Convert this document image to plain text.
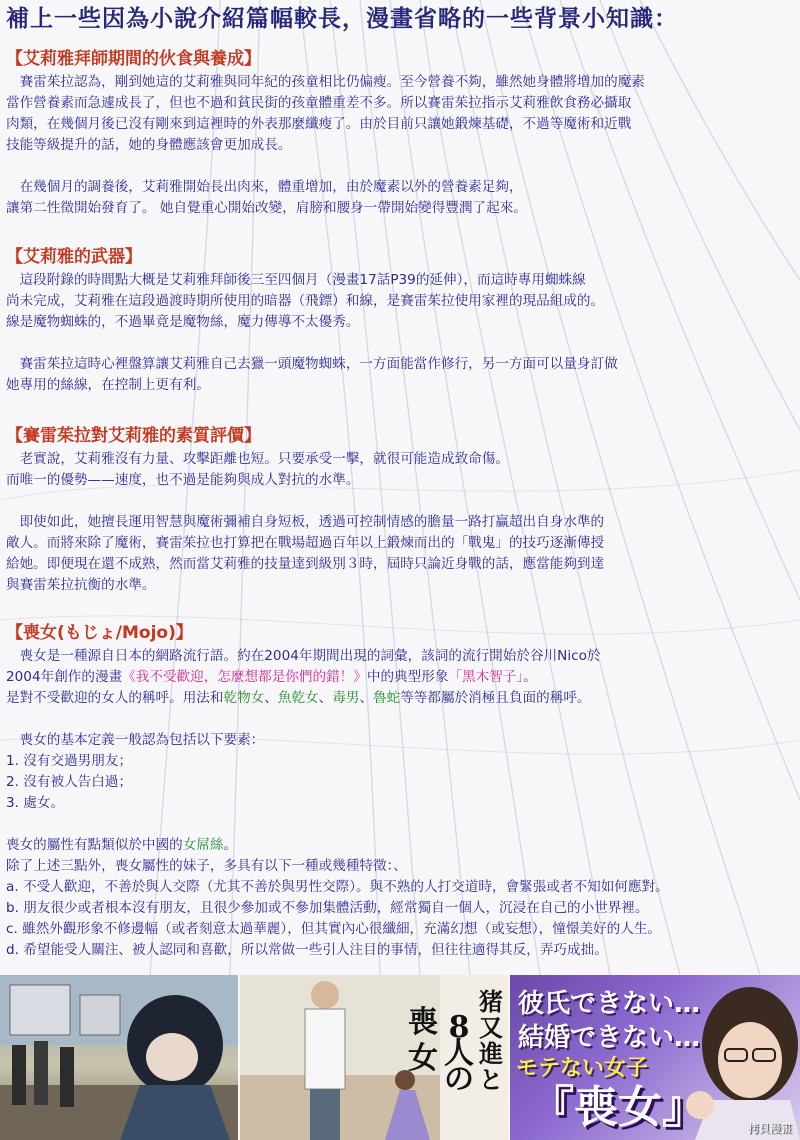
補上一些因為小說介紹篇幅較長，漫畫省略的一些背景小知識：
【艾莉雅拜師期間的伙食與養成】
　賽雷茱拉認為，剛到她這的艾莉雅與同年紀的孩童相比仍偏瘦。至今營養不夠，雖然她身體將增加的魔素
當作營養素而急遽成長了，但也不過和貧民街的孩童體重差不多。所以賽雷茱拉指示艾莉雅飲食務必攝取
肉類，在幾個月後已沒有剛來到這裡時的外表那麼纖瘦了。由於目前只讓她鍛煉基礎，不過等魔術和近戰
技能等級提升的話，她的身體應該會更加成長。
　在幾個月的調養後，艾莉雅開始長出肉來，體重增加，由於魔素以外的營養素足夠，
讓第二性徵開始發育了。 她自覺重心開始改變，肩膀和腰身一帶開始變得豐潤了起來。
【艾莉雅的武器】
　這段附錄的時間點大概是艾莉雅拜師後三至四個月（漫畫17話P39的延伸），而這時專用蜘蛛線
尚未完成，艾莉雅在這段過渡時期所使用的暗器（飛鏢）和線，是賽雷茱拉使用家裡的現品組成的。
線是魔物蜘蛛的，不過畢竟是魔物絲，魔力傳導不太優秀。
　賽雷茱拉這時心裡盤算讓艾莉雅自己去獵一頭魔物蜘蛛，一方面能當作修行，另一方面可以量身訂做
她專用的絲線，在控制上更有利。
【賽雷茱拉對艾莉雅的素質評價】
　老實說，艾莉雅沒有力量、攻擊距離也短。只要承受一擊，就很可能造成致命傷。
而唯一的優勢——速度，也不過是能夠與成人對抗的水準。
　即使如此，她擅長運用智慧與魔術彌補自身短板，透過可控制情感的膽量一路打贏超出自身水準的
敵人。而將來除了魔術，賽雷茱拉也打算把在戰場超過百年以上鍛煉而出的「戰鬼」的技巧逐漸傳授
給她。即便現在還不成熟，然而當艾莉雅的技量達到級別３時，屆時只論近身戰的話，應當能夠到達
與賽雷茱拉抗衡的水準。
【喪女(もじょ/Mojo)】
　喪女是一種源自日本的網路流行語。約在2004年期間出現的詞彙，該詞的流行開始於谷川Nico於
2004年創作的漫畫《我不受歡迎，怎麼想都是你們的錯！》中的典型形象「黑木智子」。
是對不受歡迎的女人的稱呼。用法和乾物女、魚乾女、毒男、魯蛇等等都屬於消極且負面的稱呼。
　喪女的基本定義一般認為包括以下要素：
1. 沒有交過男朋友；
2. 沒有被人告白過；
3. 處女。
喪女的屬性有點類似於中國的女屌絲。
除了上述三點外，喪女屬性的妹子，多具有以下一種或幾種特徵：、
a. 不受人歡迎，不善於與人交際（尤其不善於與男性交際）。與不熟的人打交道時，會緊張或者不知如何應對。
b. 朋友很少或者根本沒有朋友，且很少參加或不參加集體活動，經常獨自一個人，沉浸在自己的小世界裡。
c. 雖然外觀形象不修邊幅（或者刻意太過華麗），但其實內心很纖細，充滿幻想（或妄想），憧憬美好的人生。
d. 希望能受人關注、被人認同和喜歡，所以常做一些引人注目的事情，但往往適得其反，弄巧成拙。
猪
又
進
と
8
人
の
喪
女
彼氏できない…
結婚できない…
モテない女子
『喪女』	拷貝漫畫
